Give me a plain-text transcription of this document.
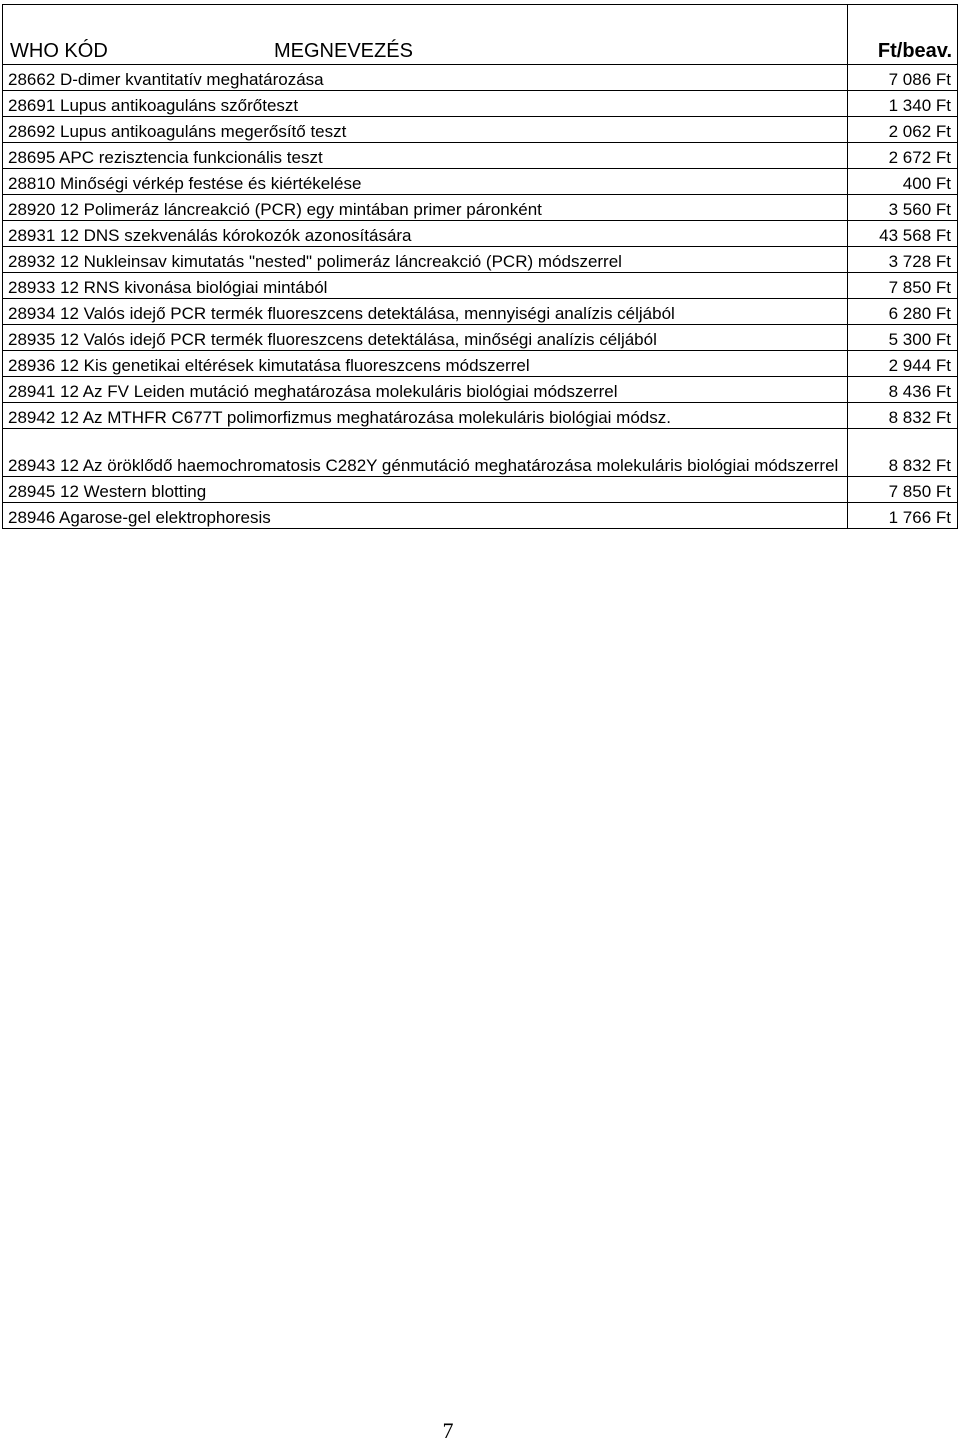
WHO KÓD MEGNEVEZÉS	Ft/beav.
28662 D-dimer kvantitatív meghatározása	7 086 Ft
28691 Lupus antikoaguláns szőrőteszt	1 340 Ft
28692 Lupus antikoaguláns megerősítő teszt	2 062 Ft
28695 APC rezisztencia funkcionális teszt	2 672 Ft
28810 Minőségi vérkép festése és kiértékelése	400 Ft
28920 12 Polimeráz láncreakció (PCR) egy mintában primer páronként	3 560 Ft
28931 12 DNS szekvenálás kórokozók azonosítására	43 568 Ft
28932 12 Nukleinsav kimutatás "nested" polimeráz láncreakció (PCR) módszerrel	3 728 Ft
28933 12 RNS kivonása biológiai mintából	7 850 Ft
28934 12 Valós idejő PCR termék fluoreszcens detektálása, mennyiségi analízis céljából	6 280 Ft
28935 12 Valós idejő PCR termék fluoreszcens detektálása, minőségi analízis céljából	5 300 Ft
28936 12 Kis genetikai eltérések kimutatása fluoreszcens módszerrel	2 944 Ft
28941 12 Az FV Leiden mutáció meghatározása molekuláris biológiai módszerrel	8 436 Ft
28942 12 Az MTHFR C677T polimorfizmus meghatározása molekuláris biológiai módsz.	8 832 Ft
28943 12 Az öröklődő haemochromatosis C282Y génmutáció meghatározása molekuláris biológiai módszerrel	8 832 Ft
28945 12 Western blotting	7 850 Ft
28946 Agarose-gel elektrophoresis	1 766 Ft
7
